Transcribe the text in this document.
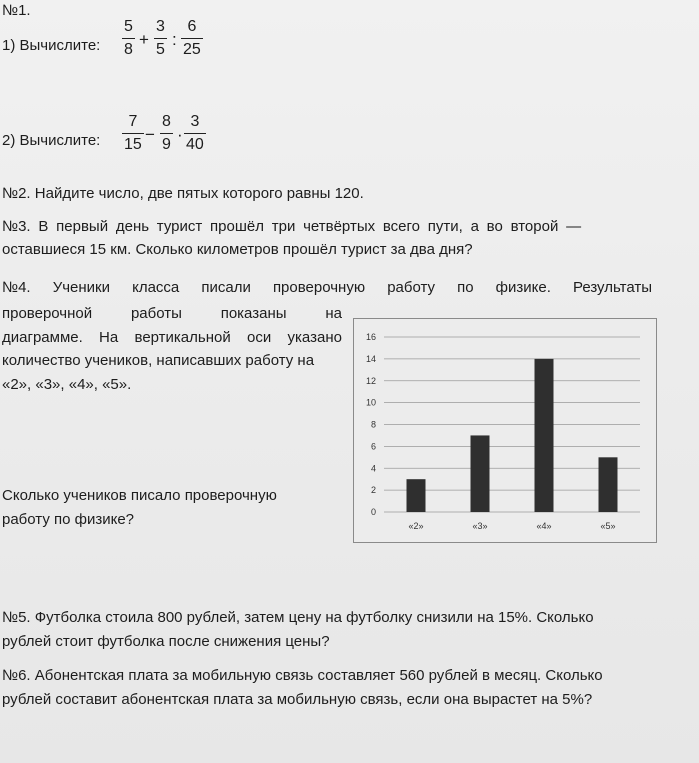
№1.
1) Вычислите:
5
8
+
3
5
:
6
25
2) Вычислите:
7
15
−
8
9
·
3
40
№2. Найдите число, две пятых которого равны 120.
№3. В первый день турист прошёл три четвёртых всего пути, а во второй —
оставшиеся 15 км. Сколько километров прошёл турист за два дня?
№4. Ученики класса писали проверочную работу по физике. Результаты
проверочной	работы	показаны	на
диаграмме. На вертикальной оси указано
количество учеников, написавших работу на
«2», «3», «4», «5».
Сколько учеников писало проверочную
работу по физике?	0
2
4
6
8
10
12
14
16
«2»	«3»	«4»	«5»
№5. Футболка стоила 800 рублей, затем цену на футболку снизили на 15%. Сколько
рублей стоит футболка после снижения цены?
№6. Абонентская плата за мобильную связь составляет 560 рублей в месяц. Сколько
рублей составит абонентская плата за мобильную связь, если она вырастет на 5%?
